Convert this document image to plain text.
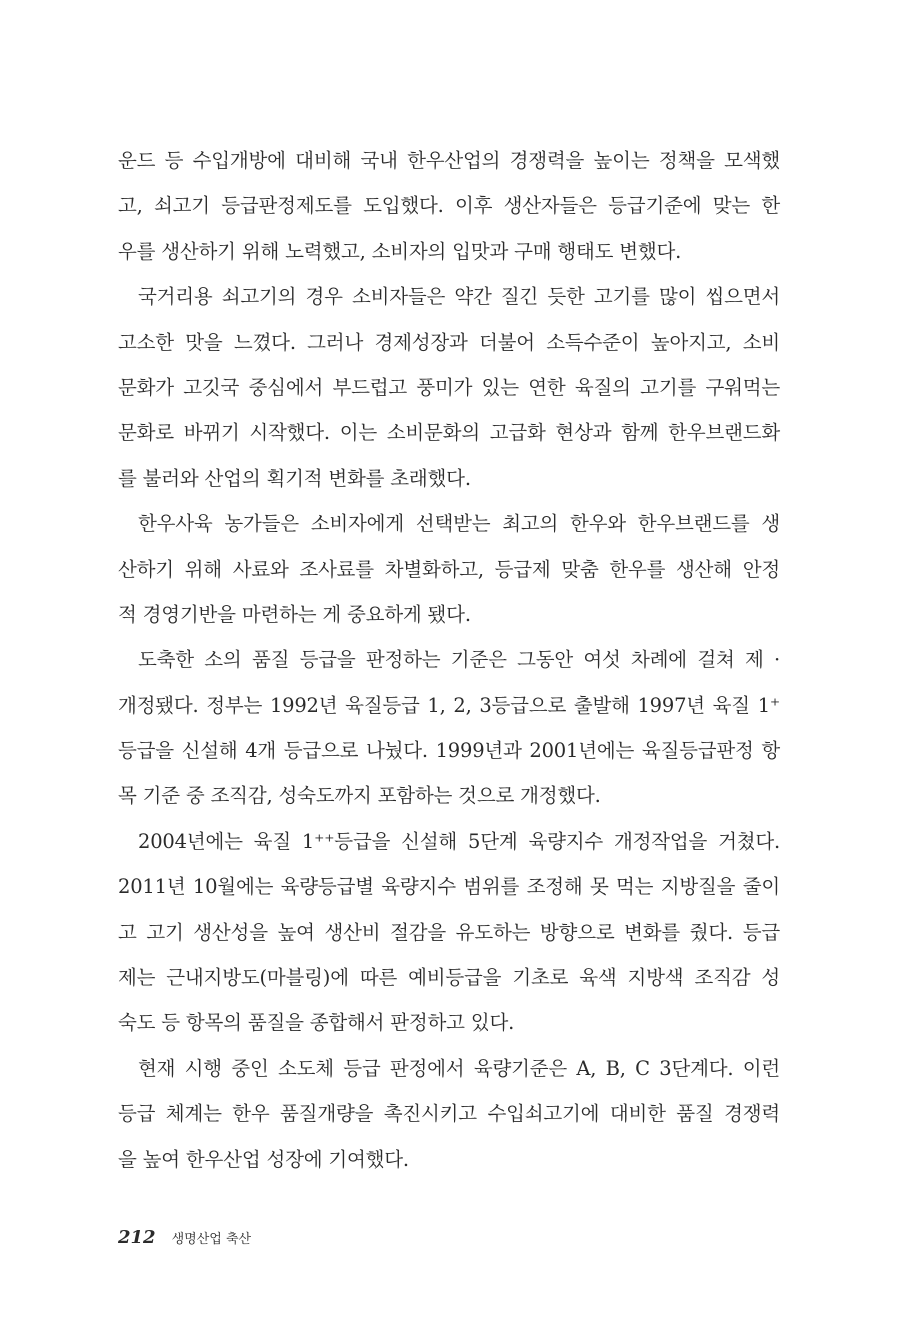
운드 등 수입개방에 대비해 국내 한우산업의 경쟁력을 높이는 정책을 모색했
고, 쇠고기 등급판정제도를 도입했다. 이후 생산자들은 등급기준에 맞는 한
우를 생산하기 위해 노력했고, 소비자의 입맛과 구매 행태도 변했다.
국거리용 쇠고기의 경우 소비자들은 약간 질긴 듯한 고기를 많이 씹으면서
고소한 맛을 느꼈다. 그러나 경제성장과 더불어 소득수준이 높아지고, 소비
문화가 고깃국 중심에서 부드럽고 풍미가 있는 연한 육질의 고기를 구워먹는
문화로 바뀌기 시작했다. 이는 소비문화의 고급화 현상과 함께 한우브랜드화
를 불러와 산업의 획기적 변화를 초래했다.
한우사육 농가들은 소비자에게 선택받는 최고의 한우와 한우브랜드를 생
산하기 위해 사료와 조사료를 차별화하고, 등급제 맞춤 한우를 생산해 안정
적 경영기반을 마련하는 게 중요하게 됐다.
도축한 소의 품질 등급을 판정하는 기준은 그동안 여섯 차례에 걸쳐 제 ·
개정됐다. 정부는 1992년 육질등급 1, 2, 3등급으로 출발해 1997년 육질 1⁺
등급을 신설해 4개 등급으로 나눴다. 1999년과 2001년에는 육질등급판정 항
목 기준 중 조직감, 성숙도까지 포함하는 것으로 개정했다.
2004년에는 육질 1⁺⁺등급을 신설해 5단계 육량지수 개정작업을 거쳤다.
2011년 10월에는 육량등급별 육량지수 범위를 조정해 못 먹는 지방질을 줄이
고 고기 생산성을 높여 생산비 절감을 유도하는 방향으로 변화를 줬다. 등급
제는 근내지방도(마블링)에 따른 예비등급을 기초로 육색 지방색 조직감 성
숙도 등 항목의 품질을 종합해서 판정하고 있다.
현재 시행 중인 소도체 등급 판정에서 육량기준은 A, B, C 3단계다. 이런
등급 체계는 한우 품질개량을 촉진시키고 수입쇠고기에 대비한 품질 경쟁력
을 높여 한우산업 성장에 기여했다.
212 생명산업 축산
